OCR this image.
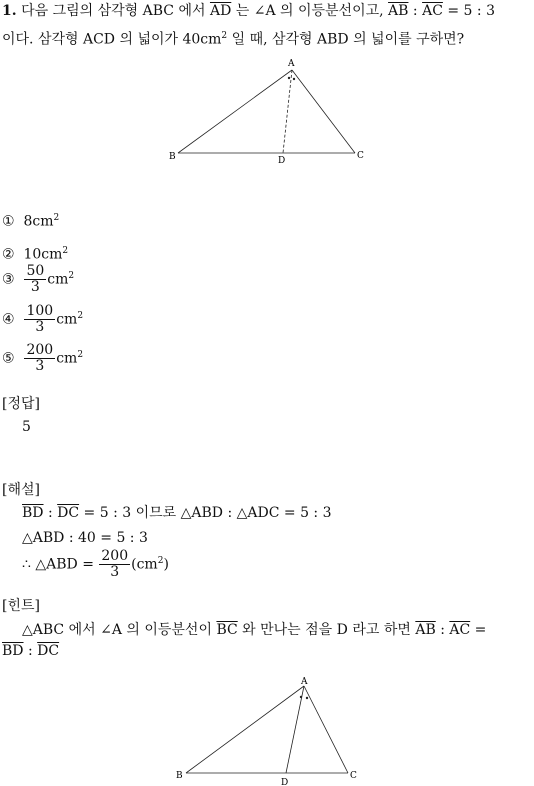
1. 다음 그림의 삼각형 ABC 에서 $\overline{AD}$ 는 ∠A 의 이등분선이고, $\overline{AB}$ : $\overline{AC} = 5$ : 3
이다. 삼각형 ACD 의 넓이가 $40cm^2$ 일 때, 삼각형 ABD 의 넓이를 구하면?
A
B	C
D
① $8cm^2$
② $10cm^2$
③ $\frac{50}{3} cm^2$
④ $\frac{100}{3} cm^2$
⑤ $\frac{200}{3} cm^2$
[정답]
5
[해설]
$\overline{BD}$ : $\overline{DC} = 5$ : 3 이므로 △ABD : △ADC = 5 : 3
△ABD : 40 = 5 : 3
∴ △ABD = $\frac{200}{3} (cm^2)$
[힌트]
△ABC 에서 ∠A 의 이등분선이 $\overline{BC}$ 와 만나는 점을 D 라고 하면 $\overline{AB}$ : $\overline{AC}$ =
$\overline{BD}$ : $\overline{DC}$
A
B	C
D
